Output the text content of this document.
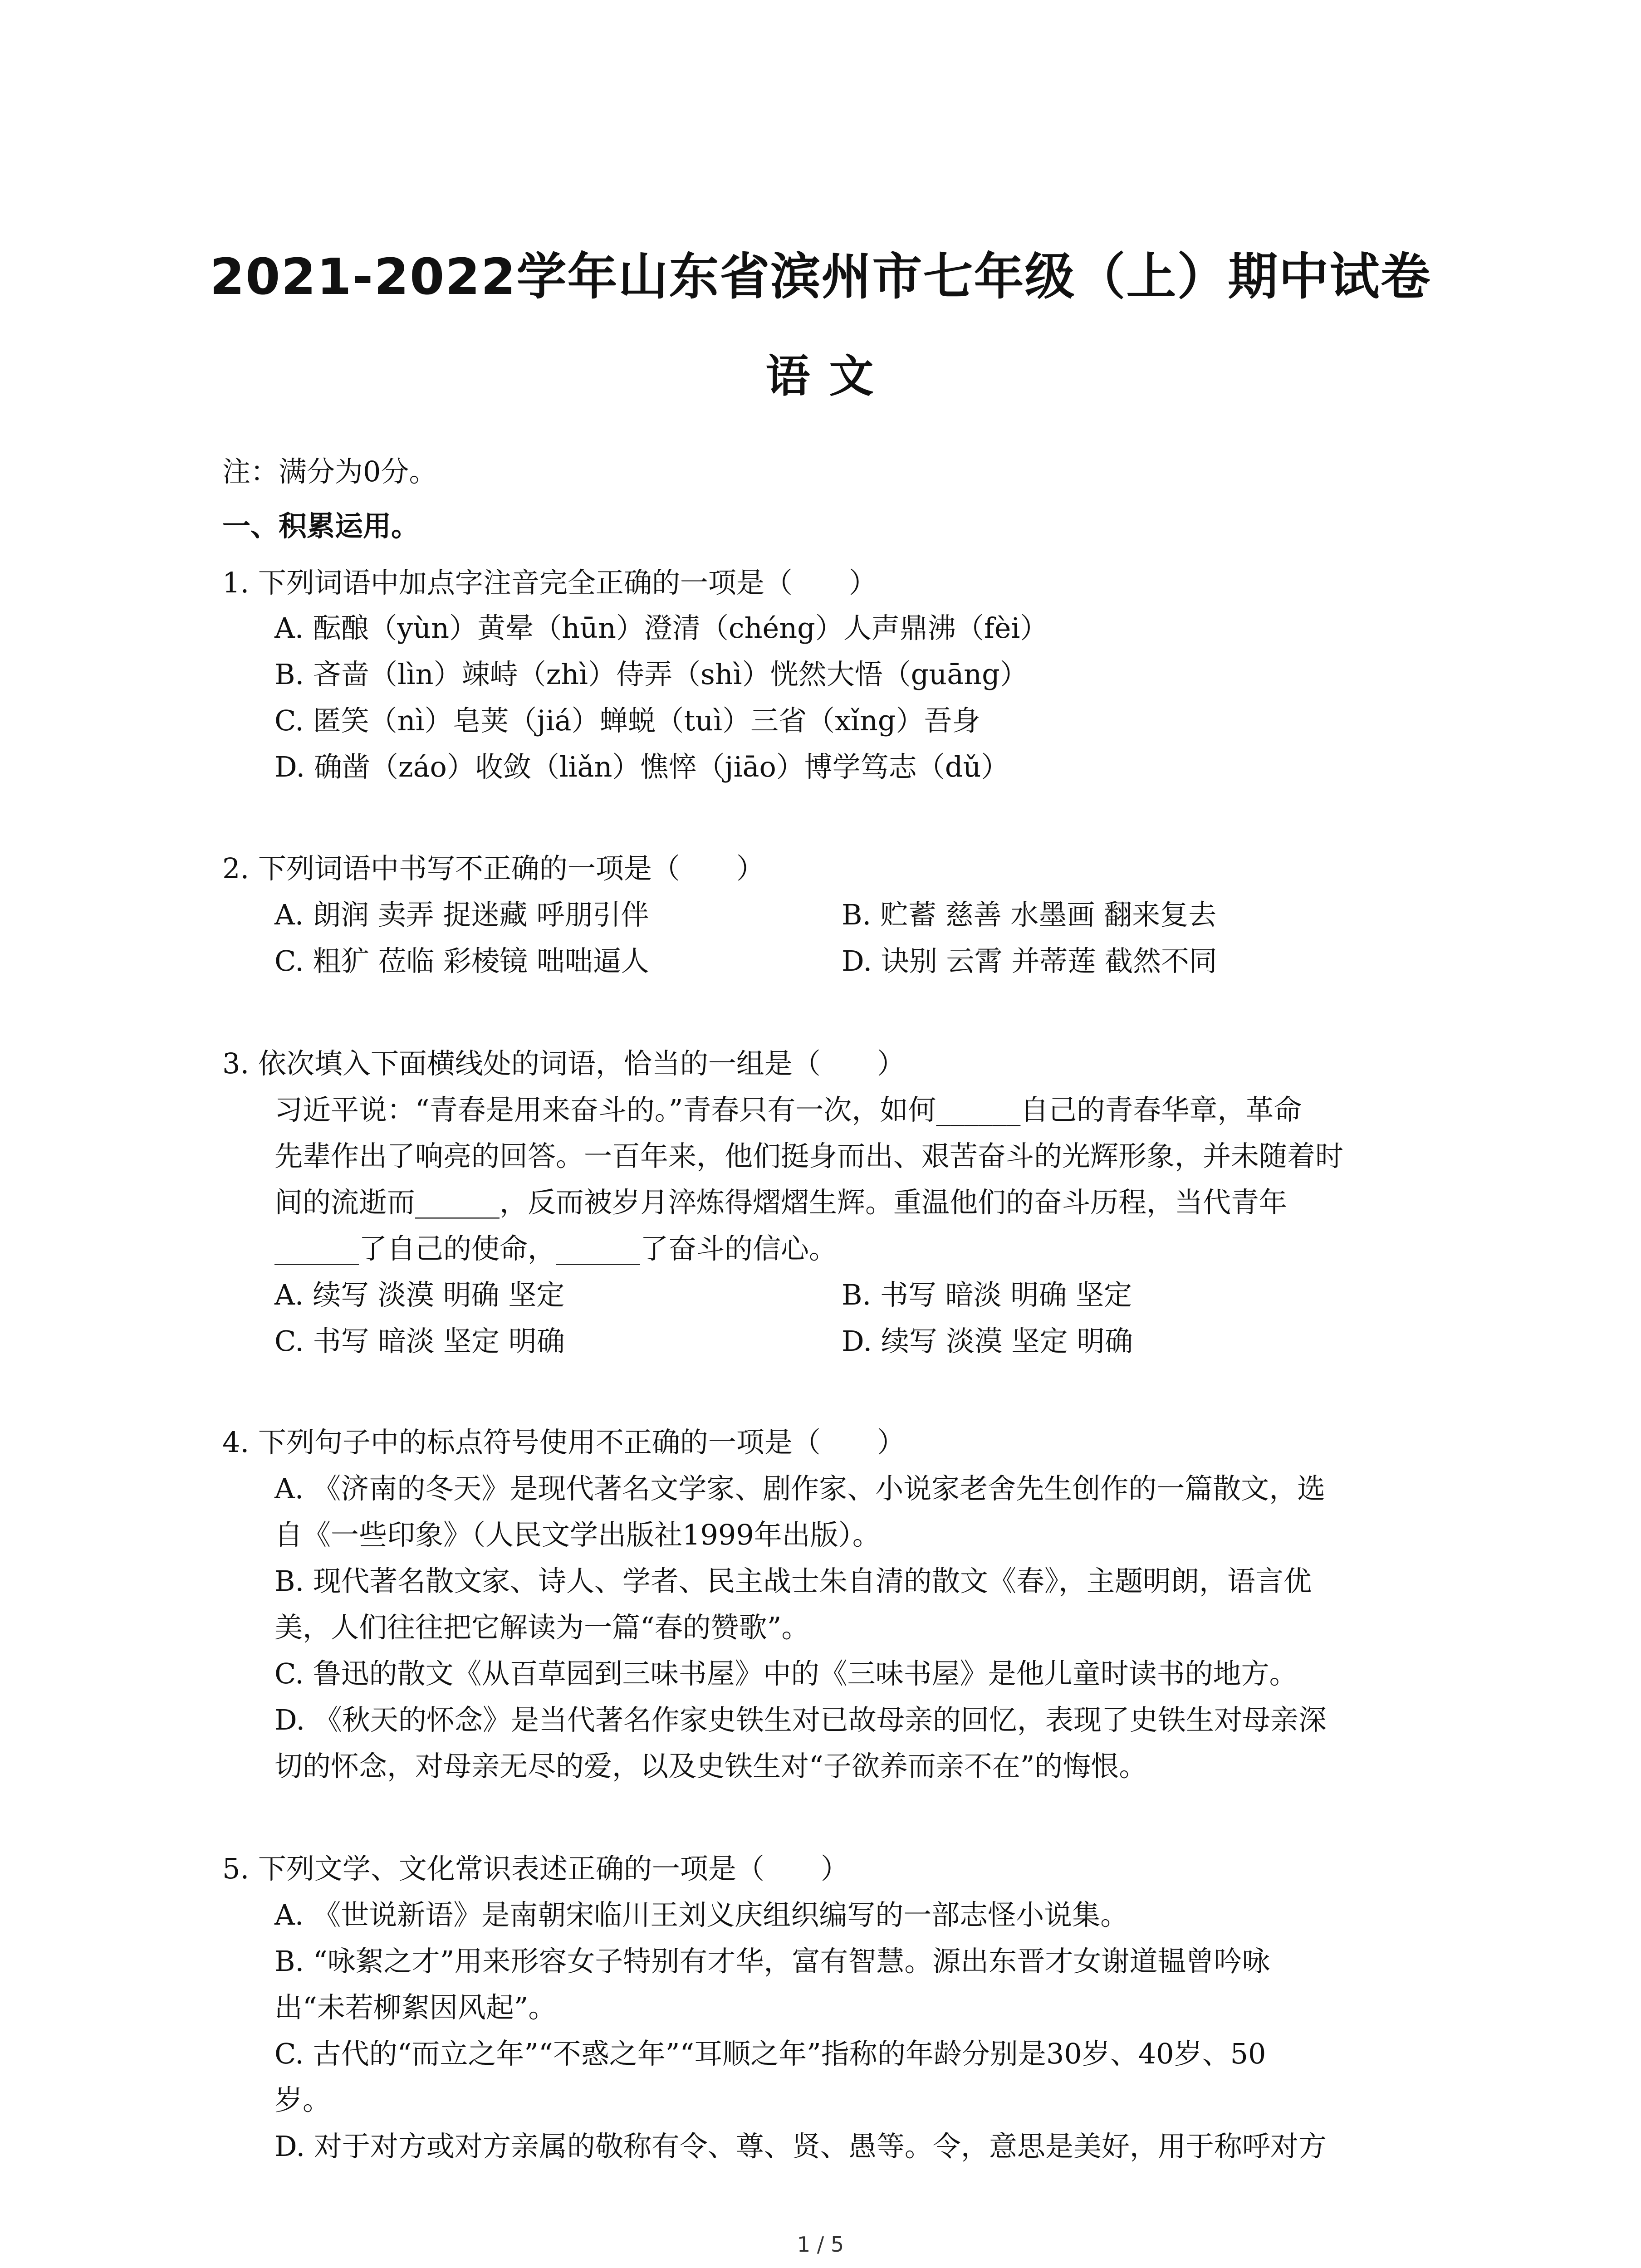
2021-2022学年山东省滨州市七年级（上）期中试卷
语 文
注：满分为0分。
一、积累运用。
1. 下列词语中加点字注音完全正确的一项是（　　）
A. 酝酿（yùn）黄晕（hūn）澄清（chéng）人声鼎沸（fèi）
B. 吝啬（lìn）竦峙（zhì）侍弄（shì）恍然大悟（guāng）
C. 匿笑（nì）皂荚（jiá）蝉蜕（tuì）三省（xǐng）吾身
D. 确凿（záo）收敛（liǎn）憔悴（jiāo）博学笃志（dǔ）
2. 下列词语中书写不正确的一项是（　　）
A. 朗润 卖弄 捉迷藏 呼朋引伴	B. 贮蓄 慈善 水墨画 翻来复去
C. 粗犷 莅临 彩棱镜 咄咄逼人	D. 诀别 云霄 并蒂莲 截然不同
3. 依次填入下面横线处的词语，恰当的一组是（　　）
习近平说：“青春是用来奋斗的。”青春只有一次，如何______自己的青春华章，革命
先辈作出了响亮的回答。一百年来，他们挺身而出、艰苦奋斗的光辉形象，并未随着时
间的流逝而______，反而被岁月淬炼得熠熠生辉。重温他们的奋斗历程，当代青年
______了自己的使命，______了奋斗的信心。
A. 续写 淡漠 明确 坚定	B. 书写 暗淡 明确 坚定
C. 书写 暗淡 坚定 明确	D. 续写 淡漠 坚定 明确
4. 下列句子中的标点符号使用不正确的一项是（　　）
A. 《济南的冬天》是现代著名文学家、剧作家、小说家老舍先生创作的一篇散文，选
自《一些印象》（人民文学出版社1999年出版）。
B. 现代著名散文家、诗人、学者、民主战士朱自清的散文《春》，主题明朗，语言优
美，人们往往把它解读为一篇“春的赞歌”。
C. 鲁迅的散文《从百草园到三味书屋》中的《三味书屋》是他儿童时读书的地方。
D. 《秋天的怀念》是当代著名作家史铁生对已故母亲的回忆，表现了史铁生对母亲深
切的怀念，对母亲无尽的爱，以及史铁生对“子欲养而亲不在”的悔恨。
5. 下列文学、文化常识表述正确的一项是（　　）
A. 《世说新语》是南朝宋临川王刘义庆组织编写的一部志怪小说集。
B. “咏絮之才”用来形容女子特别有才华，富有智慧。源出东晋才女谢道韫曾吟咏
出“未若柳絮因风起”。
C. 古代的“而立之年”“不惑之年”“耳顺之年”指称的年龄分别是30岁、40岁、50
岁。
D. 对于对方或对方亲属的敬称有令、尊、贤、愚等。令，意思是美好，用于称呼对方
1 / 5
